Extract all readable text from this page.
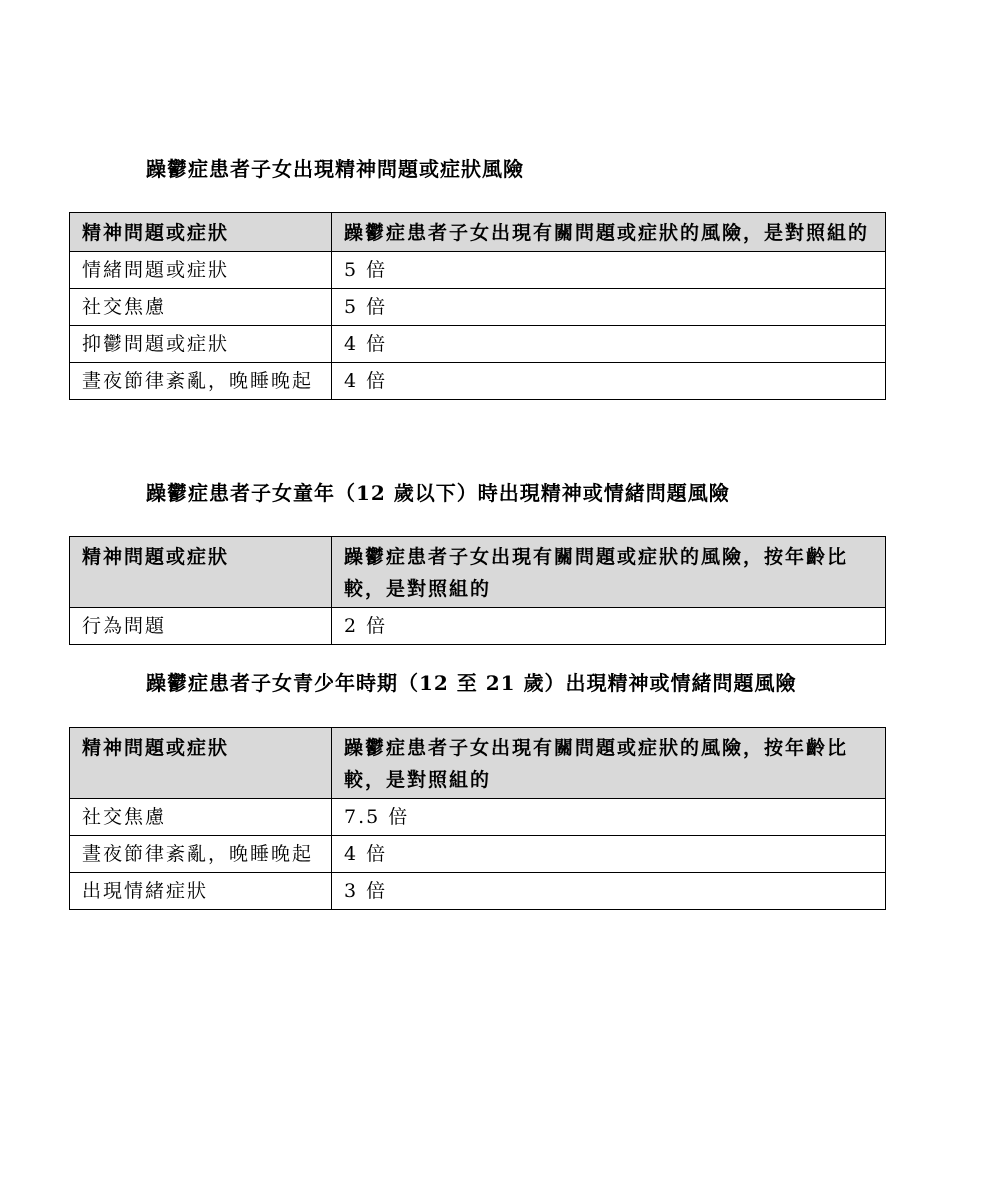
躁鬱症患者子女出現精神問題或症狀風險
精神問題或症狀	躁鬱症患者子女出現有關問題或症狀的風險，是對照組的
情緒問題或症狀	5 倍
社交焦慮	5 倍
抑鬱問題或症狀	4 倍
晝夜節律紊亂，晚睡晚起	4 倍
躁鬱症患者子女童年（12 歲以下）時出現精神或情緒問題風險
精神問題或症狀	躁鬱症患者子女出現有關問題或症狀的風險，按年齡比較，是對照組的
行為問題	2 倍
躁鬱症患者子女青少年時期（12 至 21 歲）出現精神或情緒問題風險
精神問題或症狀	躁鬱症患者子女出現有關問題或症狀的風險，按年齡比較，是對照組的
社交焦慮	7.5 倍
晝夜節律紊亂，晚睡晚起	4 倍
出現情緒症狀	3 倍
